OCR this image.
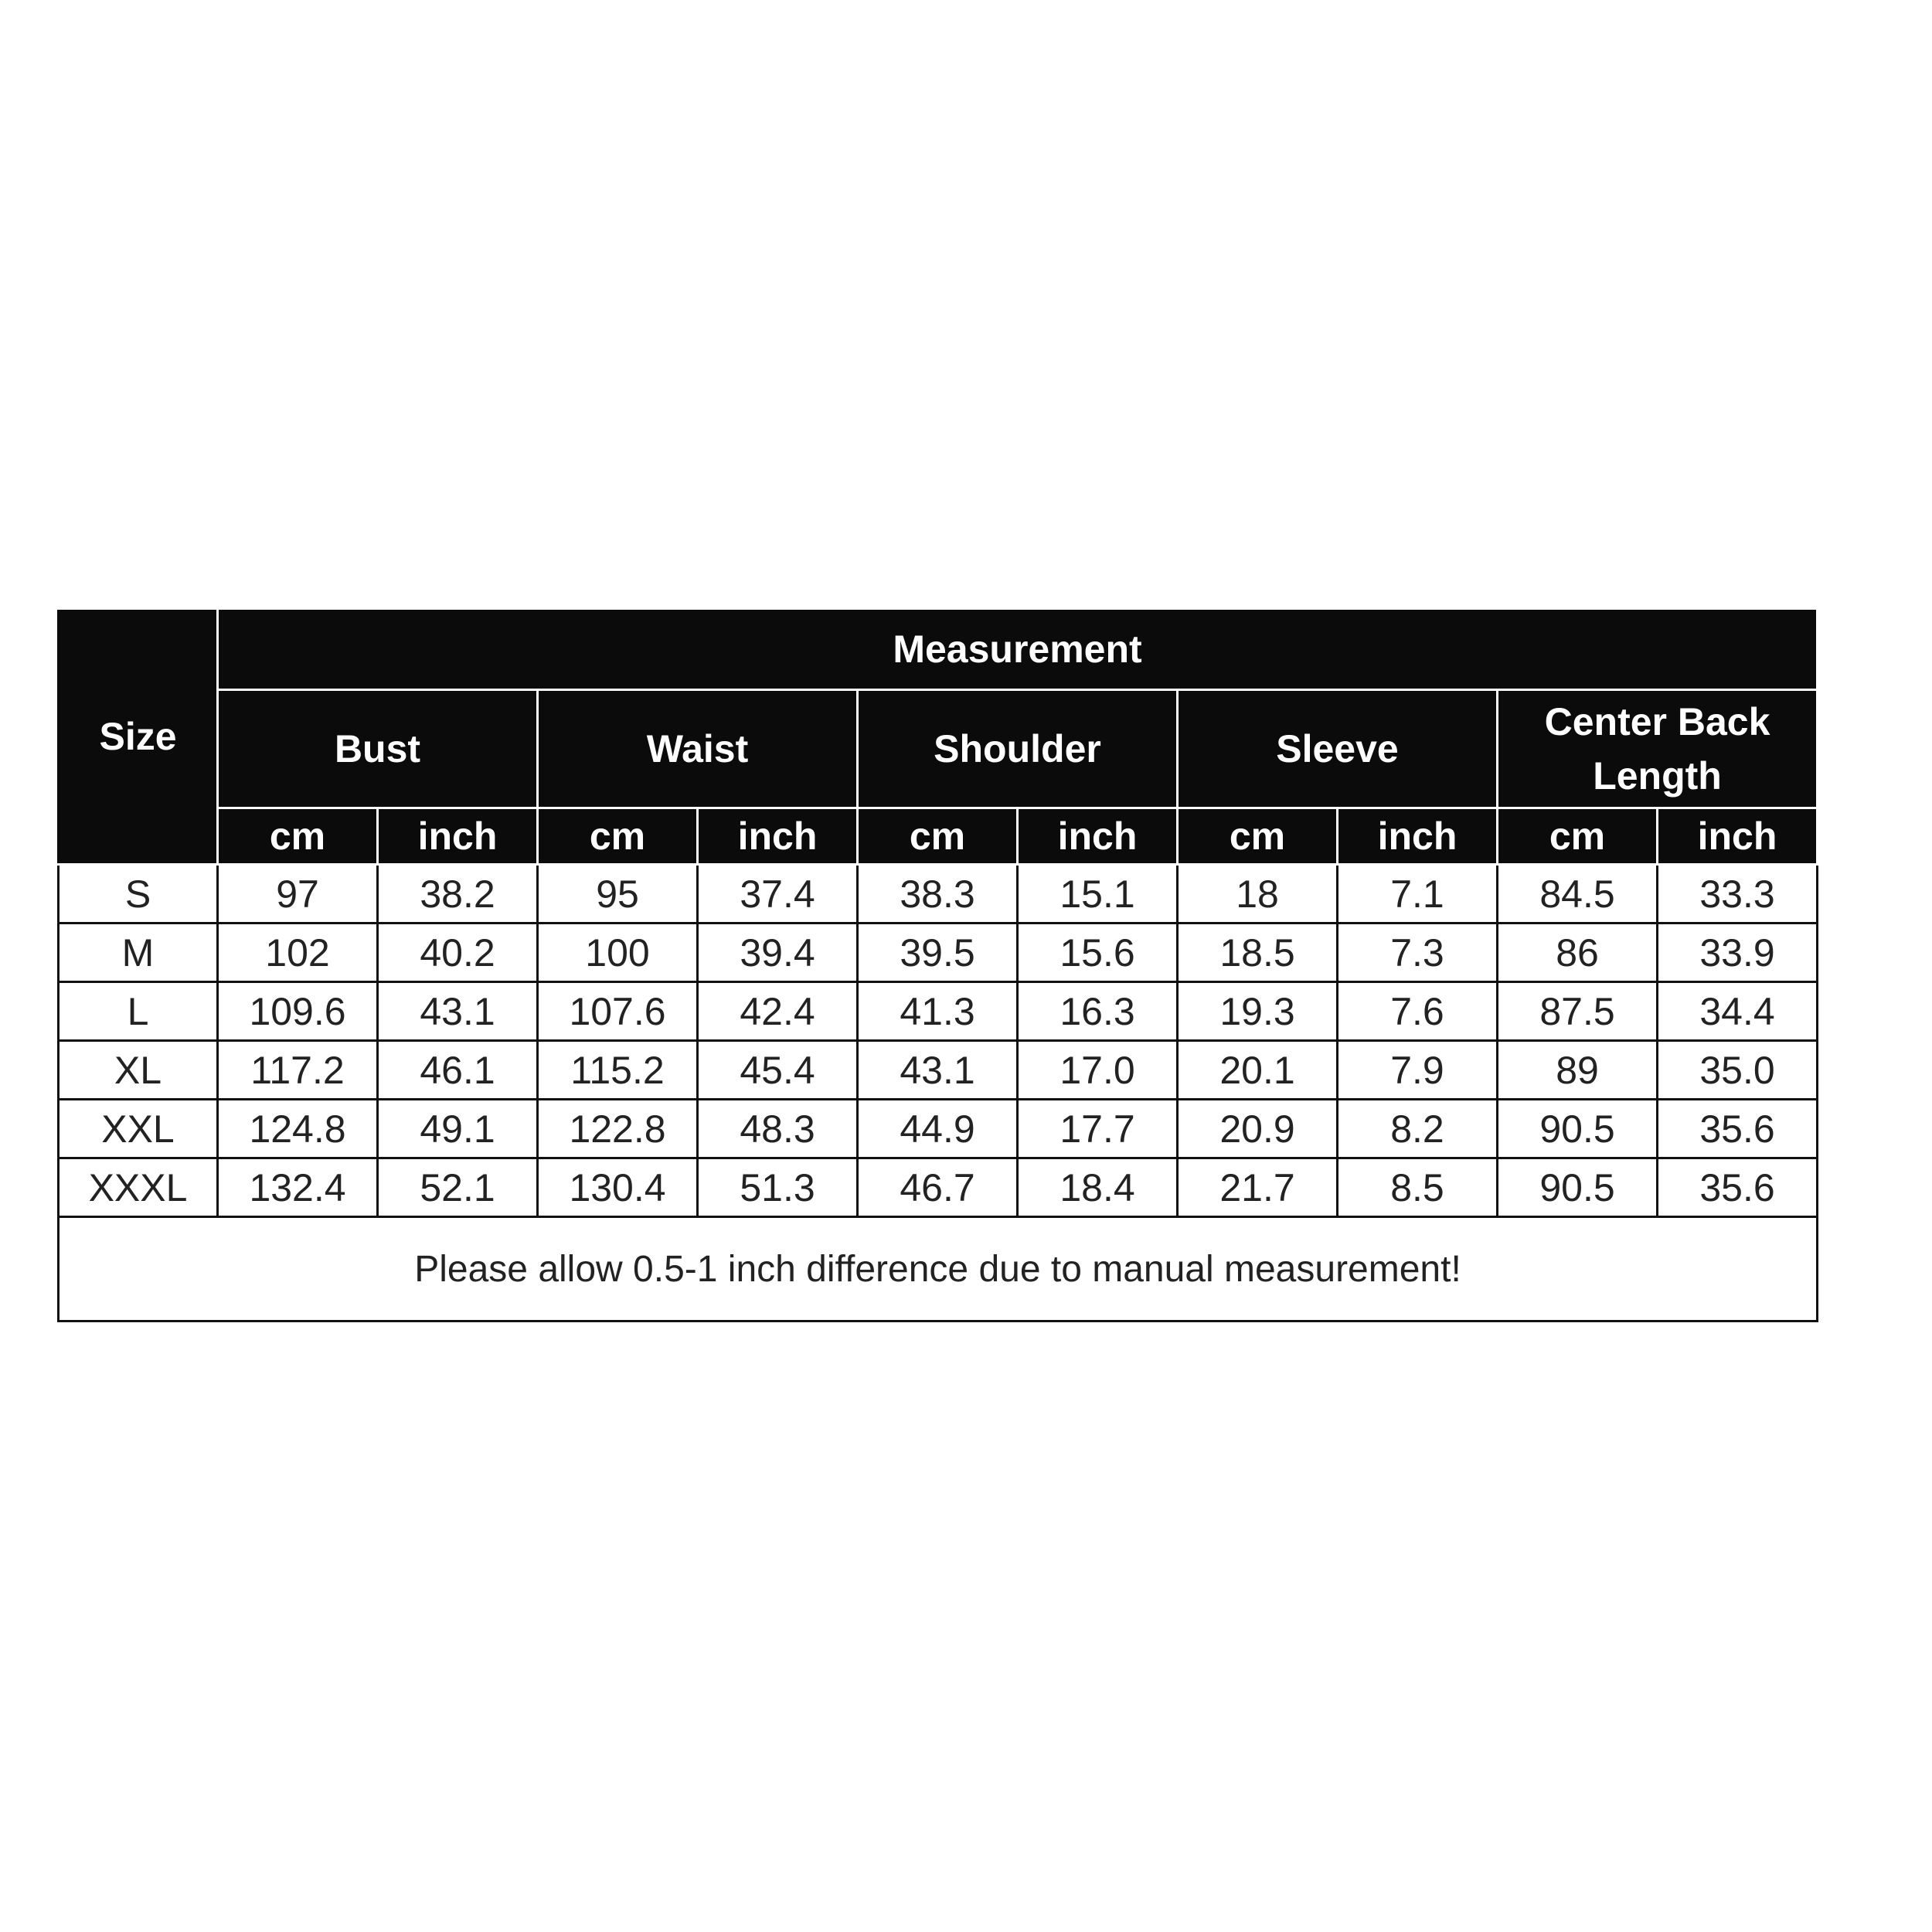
Size	Measurement									
	Bust		Waist		Shoulder		Sleeve		Center Back Length	
	cm	inch	cm	inch	cm	inch	cm	inch	cm	inch
S	97	38.2	95	37.4	38.3	15.1	18	7.1	84.5	33.3
M	102	40.2	100	39.4	39.5	15.6	18.5	7.3	86	33.9
L	109.6	43.1	107.6	42.4	41.3	16.3	19.3	7.6	87.5	34.4
XL	117.2	46.1	115.2	45.4	43.1	17.0	20.1	7.9	89	35.0
XXL	124.8	49.1	122.8	48.3	44.9	17.7	20.9	8.2	90.5	35.6
XXXL	132.4	52.1	130.4	51.3	46.7	18.4	21.7	8.5	90.5	35.6
Please allow 0.5-1 inch difference due to manual measurement!										
